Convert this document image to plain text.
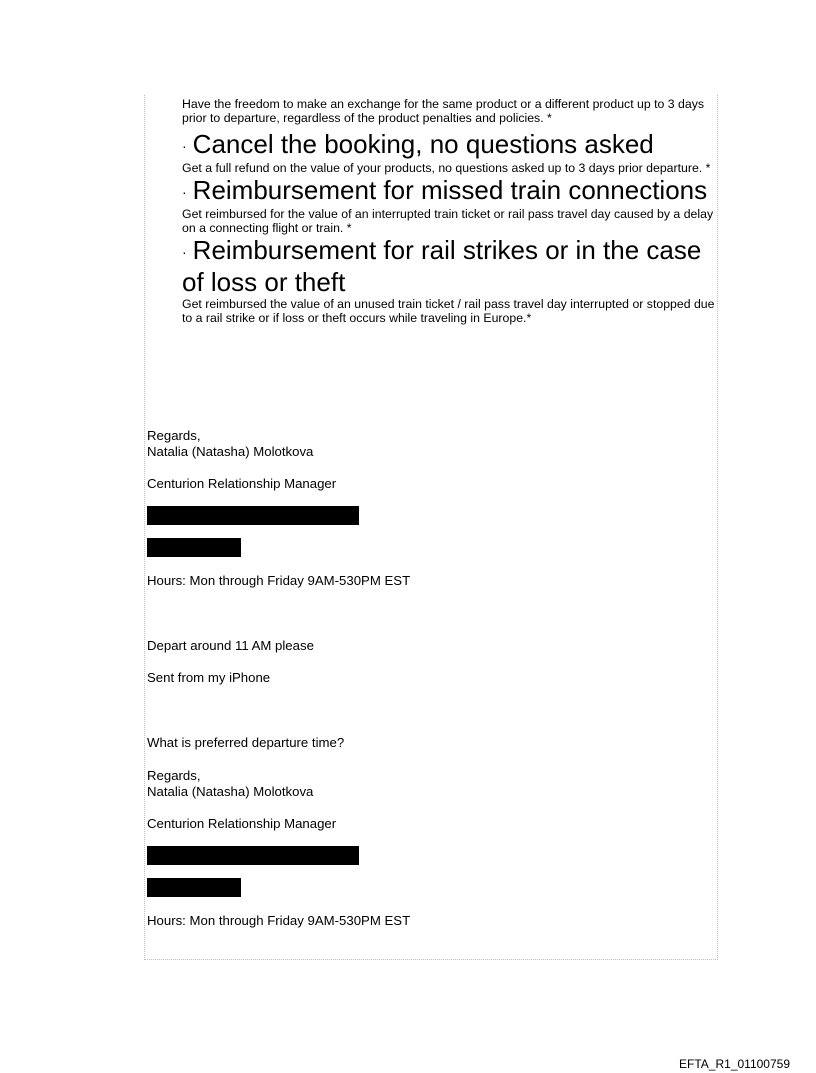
Have the freedom to make an exchange for the same product or a different product up to 3 days prior to departure, regardless of the product penalties and policies. *

· Cancel the booking, no questions asked

Get a full refund on the value of your products, no questions asked up to 3 days prior departure. *

· Reimbursement for missed train connections

Get reimbursed for the value of an interrupted train ticket or rail pass travel day caused by a delay on a connecting flight or train. *

· Reimbursement for rail strikes or in the case of loss or theft

Get reimbursed the value of an unused train ticket / rail pass travel day interrupted or stopped due to a rail strike or if loss or theft occurs while traveling in Europe.*

Regards,

Natalia (Natasha) Molotkova

Centurion Relationship Manager

Hours: Mon through Friday 9AM-530PM EST

Depart around 11 AM please

Sent from my iPhone

What is preferred departure time?

Regards,

Natalia (Natasha) Molotkova

Centurion Relationship Manager

Hours: Mon through Friday 9AM-530PM EST

EFTA_R1_01100759
